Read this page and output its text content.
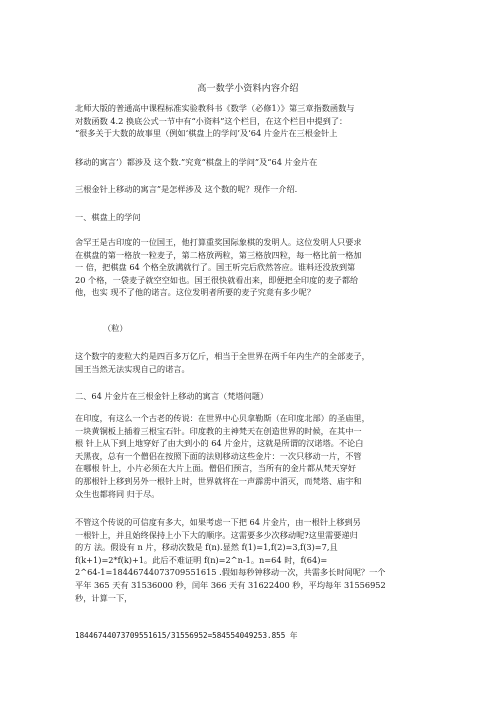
高一数学小资料内容介绍
北师大版的普通高中课程标准实验教科书《数学（必修1）》第三章指数函数与
对数函数 4.2 换底公式一节中有“小资料”这个栏目，在这个栏目中提到了：
“很多关于大数的故事里（例如‘棋盘上的学问’及‘64 片金片在三根金针上
移动的寓言’）都涉及 这个数.”究竟“棋盘上的学问”及“64 片金片在
三根金针上移动的寓言”是怎样涉及 这个数的呢？现作一介绍.
一、棋盘上的学问
舍罕王是古印度的一位国王，他打算重奖国际象棋的发明人。这位发明人只要求
在棋盘的第一格放一粒麦子，第二格放两粒，第三格放四粒，每一格比前一格加
一 倍，把棋盘 64 个格全放满就行了。国王听完后欣然答应。谁料还没放到第
20 个格，一袋麦子就空空如也。国王很快就看出来，即便把全印度的麦子都给
他，也实 现不了他的诺言。这位发明者所要的麦子究竟有多少呢？
（粒）
这个数字的麦粒大约是四百多万亿斤，相当于全世界在两千年内生产的全部麦子，
国王当然无法实现自己的诺言。
二、64 片金片在三根金针上移动的寓言（梵塔问题）
在印度，有这么一个古老的传说：在世界中心贝拿勒斯（在印度北部）的圣庙里，
一块黄铜板上插着三根宝石针。印度教的主神梵天在创造世界的时候，在其中一
根 针上从下到上地穿好了由大到小的 64 片金片，这就是所谓的汉诺塔。不论白
天黑夜，总有一个僧侣在按照下面的法则移动这些金片：一次只移动一片，不管
在哪根 针上，小片必须在大片上面。僧侣们预言，当所有的金片都从梵天穿好
的那根针上移到另外一根针上时，世界就将在一声霹雳中消灭，而梵塔、庙宇和
众生也都将同 归于尽。
不管这个传说的可信度有多大，如果考虑一下把 64 片金片，由一根针上移到另
一根针上，并且始终保持上小下大的顺序。这需要多少次移动呢?这里需要递归
的方 法。假设有 n 片，移动次数是 f(n).显然 f(1)=1,f(2)=3,f(3)=7,且
f(k+1)=2*f(k)+1。此后不难证明 f(n)=2^n-1。n=64 时，f(64)=
2^64-1=18446744073709551615 .假如每秒钟移动一次，共需多长时间呢？一个
平年 365 天有 31536000 秒，闰年 366 天有 31622400 秒，平均每年 31556952
秒，计算一下，
18446744073709551615/31556952=584554049253.855 年
